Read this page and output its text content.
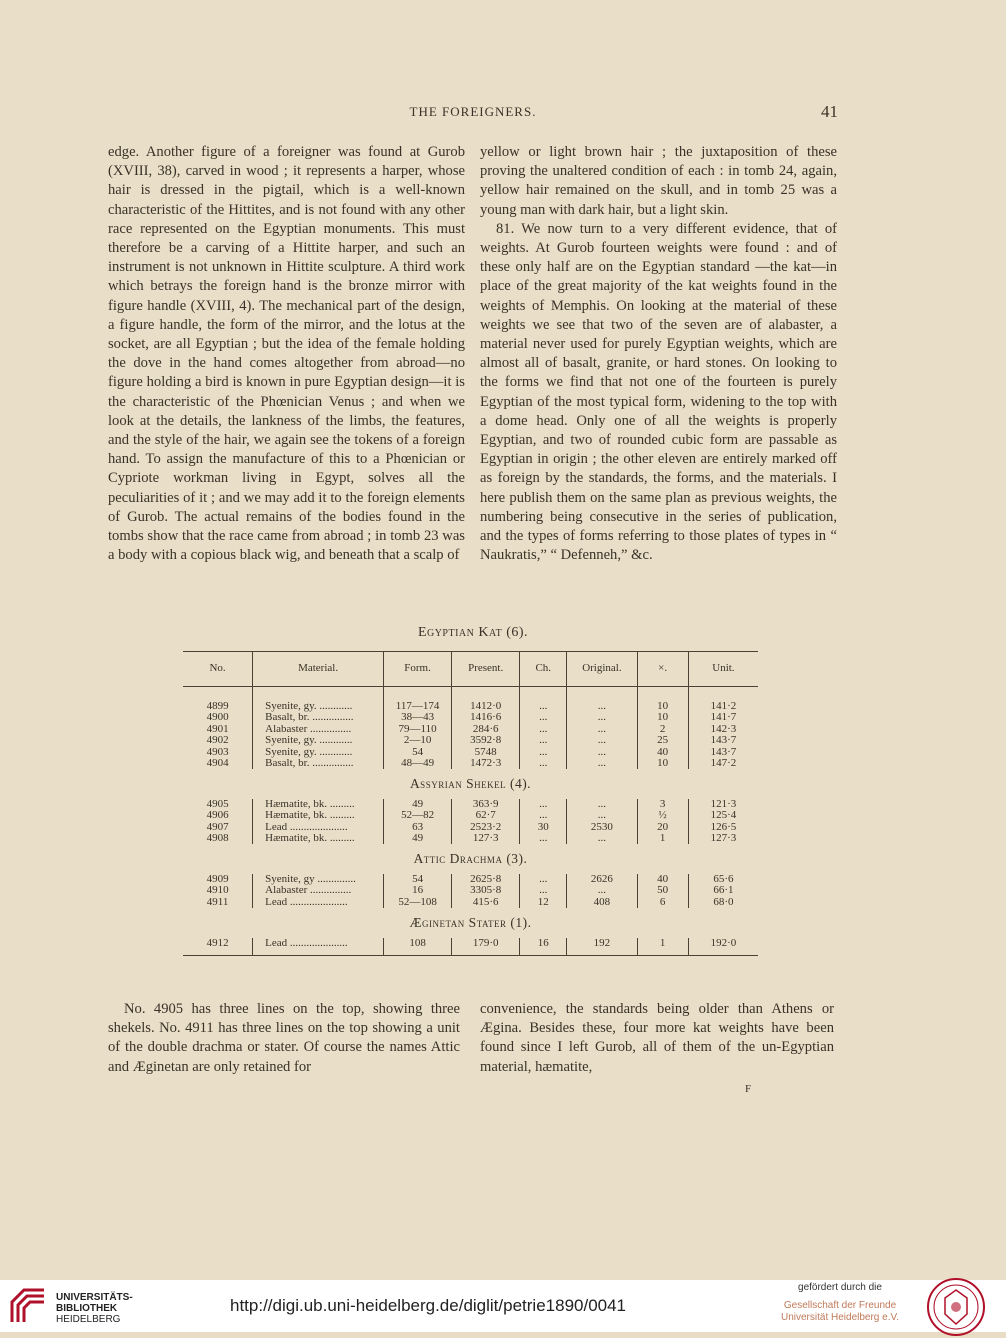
THE FOREIGNERS.	41

edge. Another figure of a foreigner was found at Gurob (XVIII, 38), carved in wood ; it represents a harper, whose hair is dressed in the pigtail, which is a well-known characteristic of the Hittites, and is not found with any other race represented on the Egyptian monuments. This must therefore be a carving of a Hittite harper, and such an instrument is not unknown in Hittite sculpture. A third work which betrays the foreign hand is the bronze mirror with figure handle (XVIII, 4). The mechanical part of the design, a figure handle, the form of the mirror, and the lotus at the socket, are all Egyptian ; but the idea of the female holding the dove in the hand comes altogether from abroad—no figure holding a bird is known in pure Egyptian design—it is the characteristic of the Phœnician Venus ; and when we look at the details, the lankness of the limbs, the features, and the style of the hair, we again see the tokens of a foreign hand. To assign the manufacture of this to a Phœnician or Cypriote workman living in Egypt, solves all the peculiarities of it ; and we may add it to the foreign elements of Gurob. The actual remains of the bodies found in the tombs show that the race came from abroad ; in tomb 23 was a body with a copious black wig, and beneath that a scalp of

yellow or light brown hair ; the juxtaposition of these proving the unaltered condition of each : in tomb 24, again, yellow hair remained on the skull, and in tomb 25 was a young man with dark hair, but a light skin.

81. We now turn to a very different evidence, that of weights. At Gurob fourteen weights were found : and of these only half are on the Egyptian standard —the kat—in place of the great majority of the kat weights found in the weights of Memphis. On looking at the material of these weights we see that two of the seven are of alabaster, a material never used for purely Egyptian weights, which are almost all of basalt, granite, or hard stones. On looking to the forms we find that not one of the fourteen is purely Egyptian of the most typical form, widening to the top with a dome head. Only one of all the weights is properly Egyptian, and two of rounded cubic form are passable as Egyptian in origin ; the other eleven are entirely marked off as foreign by the standards, the forms, and the materials. I here publish them on the same plan as previous weights, the numbering being consecutive in the series of publication, and the types of forms referring to those plates of types in “ Naukratis,” “ Defenneh,” &c.

Egyptian Kat (6).
No.	Material.	Form.	Present.	Ch.	Original.	×.	Unit.
4899	Syenite, gy. ............	117—174	1412·0	...	...	10	141·2
4900	Basalt, br. ...............	38—43	1416·6	...	...	10	141·7
4901	Alabaster ...............	79—110	284·6	...	...	2	142·3
4902	Syenite, gy. ............	2—10	3592·8	...	...	25	143·7
4903	Syenite, gy. ............	54	5748	...	...	40	143·7
4904	Basalt, br. ...............	48—49	1472·3	...	...	10	147·2
Assyrian Shekel (4).							
4905	Hæmatite, bk. .........	49	363·9	...	...	3	121·3
4906	Hæmatite, bk. .........	52—82	62·7	...	...	½	125·4
4907	Lead .....................	63	2523·2	30	2530	20	126·5
4908	Hæmatite, bk. .........	49	127·3	...	...	1	127·3
Attic Drachma (3).							
4909	Syenite, gy ..............	54	2625·8	...	2626	40	65·6
4910	Alabaster ...............	16	3305·8	...	...	50	66·1
4911	Lead .....................	52—108	415·6	12	408	6	68·0
Æginetan Stater (1).							
4912	Lead .....................	108	179·0	16	192	1	192·0

No. 4905 has three lines on the top, showing three shekels. No. 4911 has three lines on the top showing a unit of the double drachma or stater. Of course the names Attic and Æginetan are only retained for

convenience, the standards being older than Athens or Ægina. Besides these, four more kat weights have been found since I left Gurob, all of them of the un-Egyptian material, hæmatite,

F
UNIVERSITÄTS-
BIBLIOTHEK
HEIDELBERG
http://digi.ub.uni-heidelberg.de/diglit/petrie1890/0041
gefördert durch die
Gesellschaft der Freunde
Universität Heidelberg e.V.
